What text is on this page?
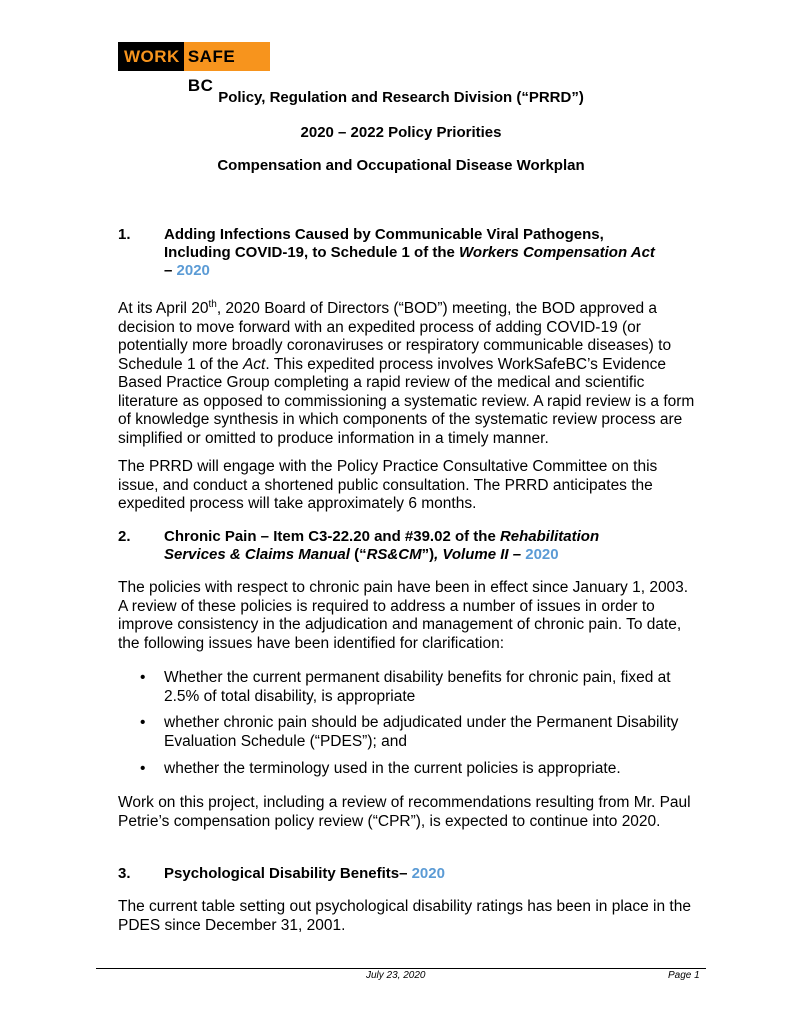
WORK SAFE BC
Policy, Regulation and Research Division (“PRRD”)
2020 – 2022 Policy Priorities
Compensation and Occupational Disease Workplan
1. Adding Infections Caused by Communicable Viral Pathogens,
Including COVID-19, to Schedule 1 of the Workers Compensation Act
– 2020
At its April 20th, 2020 Board of Directors (“BOD”) meeting, the BOD approved a decision to move forward with an expedited process of adding COVID-19 (or potentially more broadly coronaviruses or respiratory communicable diseases) to Schedule 1 of the Act. This expedited process involves WorkSafeBC’s Evidence Based Practice Group completing a rapid review of the medical and scientific literature as opposed to commissioning a systematic review. A rapid review is a form of knowledge synthesis in which components of the systematic review process are simplified or omitted to produce information in a timely manner.
The PRRD will engage with the Policy Practice Consultative Committee on this issue, and conduct a shortened public consultation. The PRRD anticipates the expedited process will take approximately 6 months.
2. Chronic Pain – Item C3-22.20 and #39.02 of the Rehabilitation
Services & Claims Manual (“RS&CM”), Volume II – 2020
The policies with respect to chronic pain have been in effect since January 1, 2003. A review of these policies is required to address a number of issues in order to improve consistency in the adjudication and management of chronic pain. To date, the following issues have been identified for clarification:
• Whether the current permanent disability benefits for chronic pain, fixed at 2.5% of total disability, is appropriate
• whether chronic pain should be adjudicated under the Permanent Disability Evaluation Schedule (“PDES”); and
• whether the terminology used in the current policies is appropriate.
Work on this project, including a review of recommendations resulting from Mr. Paul Petrie’s compensation policy review (“CPR”), is expected to continue into 2020.
3. Psychological Disability Benefits– 2020
The current table setting out psychological disability ratings has been in place in the PDES since December 31, 2001.
July 23, 2020	Page 1
